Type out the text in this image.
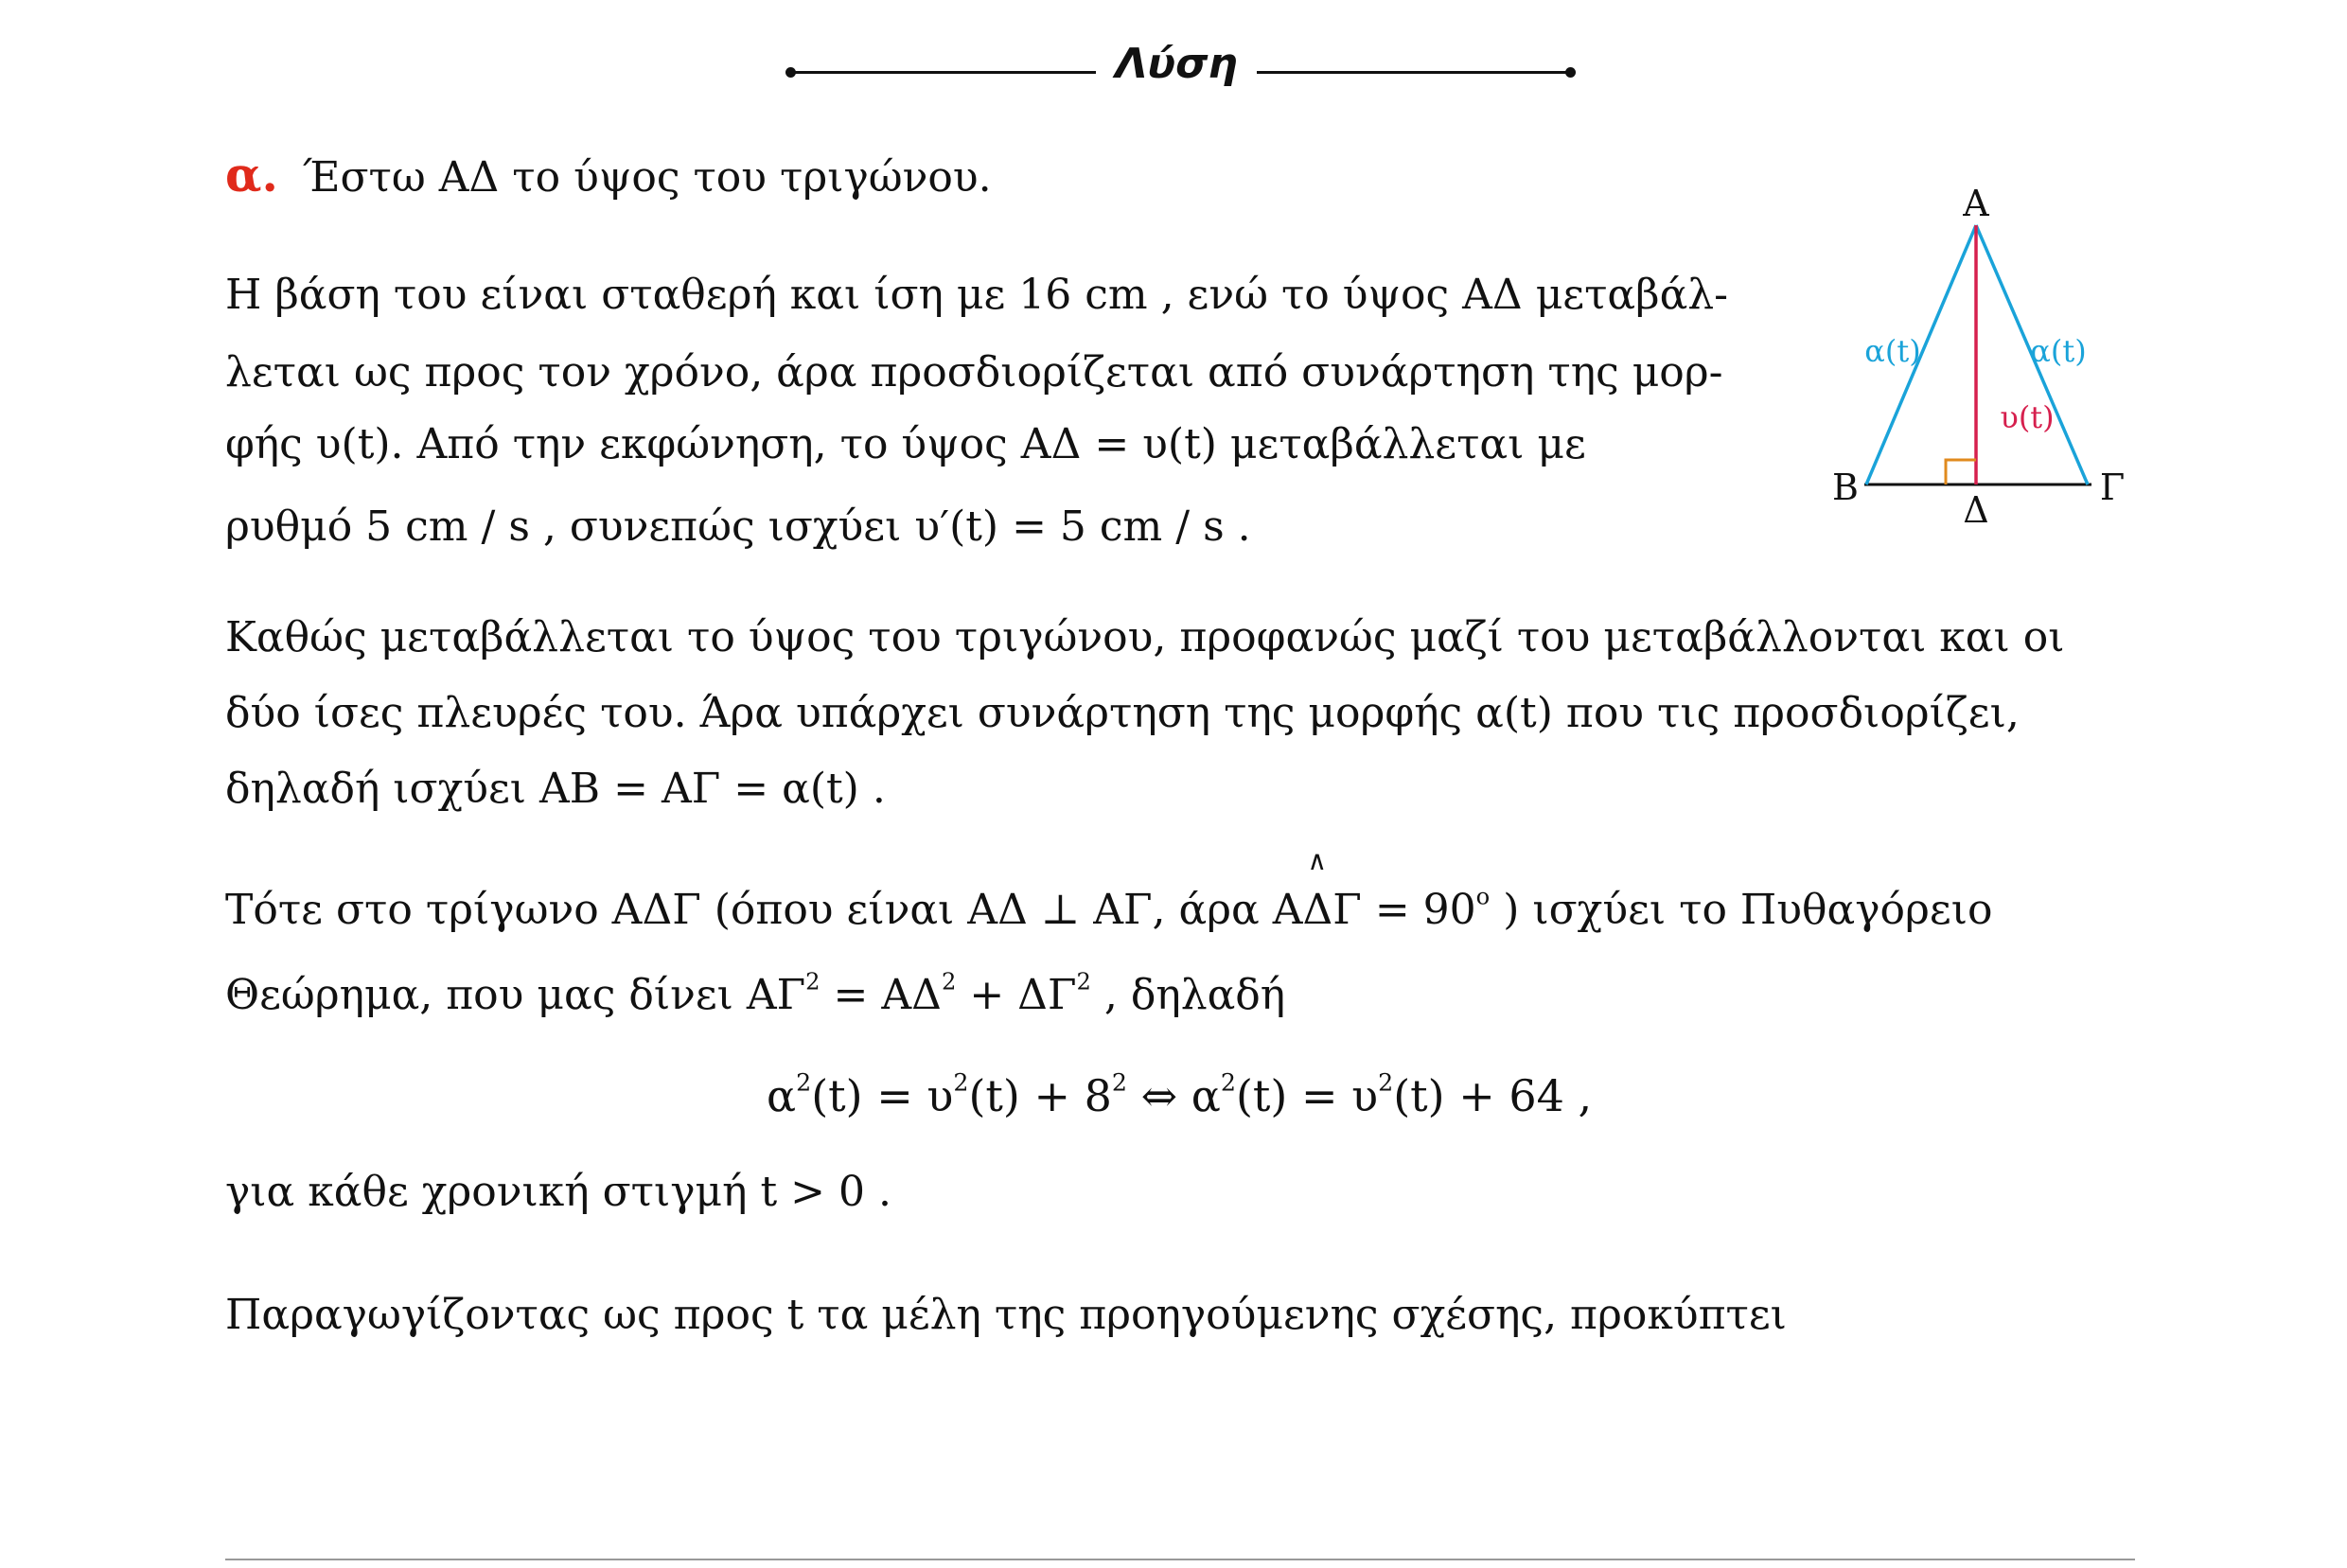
Λύση
α. Έστω ΑΔ το ύψος του τριγώνου.
Η βάση του είναι σταθερή και ίση με 16 cm , ενώ το ύψος ΑΔ μεταβάλ-
λεται ως προς τον χρόνο, άρα προσδιορίζεται από συνάρτηση της μορ-
φής υ(t). Από την εκφώνηση, το ύψος ΑΔ = υ(t) μεταβάλλεται με
ρυθμό 5 cm / s , συνεπώς ισχύει υ′(t) = 5 cm / s .
Καθώς μεταβάλλεται το ύψος του τριγώνου, προφανώς μαζί του μεταβάλλονται και οι
δύο ίσες πλευρές του. Άρα υπάρχει συνάρτηση της μορφής α(t) που τις προσδιορίζει,
δηλαδή ισχύει ΑΒ = ΑΓ = α(t) .
Τότε στο τρίγωνο ΑΔΓ (όπου είναι ΑΔ ⊥ ΑΓ, άρα
∧
$A\Delta\Gamma = 90^o$ ) ισχύει το Πυθαγόρειο
Θεώρημα, που μας δίνει $A\Gamma^2 = A\Delta^2 + \Delta\Gamma^2$ , δηλαδή
$\alpha^2(t) = \upsilon^2(t) + 8^2$ ⇔ $\alpha^2(t) = \upsilon^2(t) + 64$ ,
για κάθε χρονική στιγμή t > 0 .
Παραγωγίζοντας ως προς t τα μέλη της προηγούμενης σχέσης, προκύπτει
Α
Β	Γ
Δ
α(t)	α(t)
υ(t)
